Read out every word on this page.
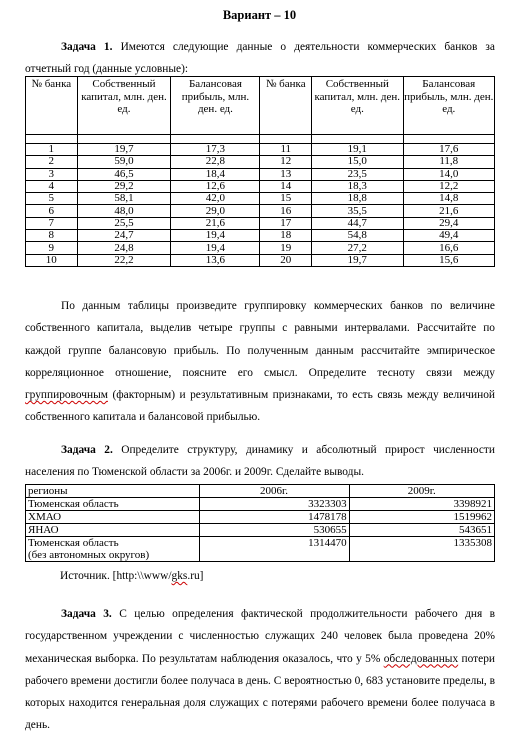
Вариант – 10
Задача 1. Имеются следующие данные о деятельности коммерческих банков за отчетный год (данные условные):
№ банка	Собственный капитал, млн. ден. ед.	Балансовая прибыль, млн. ден. ед.	№ банка	Собственный капитал, млн. ден. ед.	Балансовая прибыль, млн. ден. ед.

1	19,7	17,3	11	19,1	17,6
2	59,0	22,8	12	15,0	11,8
3	46,5	18,4	13	23,5	14,0
4	29,2	12,6	14	18,3	12,2
5	58,1	42,0	15	18,8	14,8
6	48,0	29,0	16	35,5	21,6
7	25,5	21,6	17	44,7	29,4
8	24,7	19,4	18	54,8	49,4
9	24,8	19,4	19	27,2	16,6
10	22,2	13,6	20	19,7	15,6
По данным таблицы произведите группировку коммерческих банков по величине собственного капитала, выделив четыре группы с равными интервалами. Рассчитайте по каждой группе балансовую прибыль. По полученным данным рассчитайте эмпирическое корреляционное отношение, поясните его смысл. Определите тесноту связи между группировочным (факторным) и результативным признаками, то есть связь между величиной собственного капитала и балансовой прибылью.
Задача 2. Определите структуру, динамику и абсолютный прирост численности населения по Тюменской области за 2006г. и 2009г. Сделайте выводы.
регионы	2006г.	2009г.
Тюменская область	3323303	3398921
ХМАО	1478178	1519962
ЯНАО	530655	543651

Тюменская область
(без автономных округов)	1314470	1335308
Источник. [http:\\www/gks.ru]
Задача 3. С целью определения фактической продолжительности рабочего дня в государственном учреждении с численностью служащих 240 человек была проведена 20% механическая выборка. По результатам наблюдения оказалось, что у 5% обследованных потери рабочего времени достигли более получаса в день. С вероятностью 0, 683 установите пределы, в которых находится генеральная доля служащих с потерями рабочего времени более получаса в день.
